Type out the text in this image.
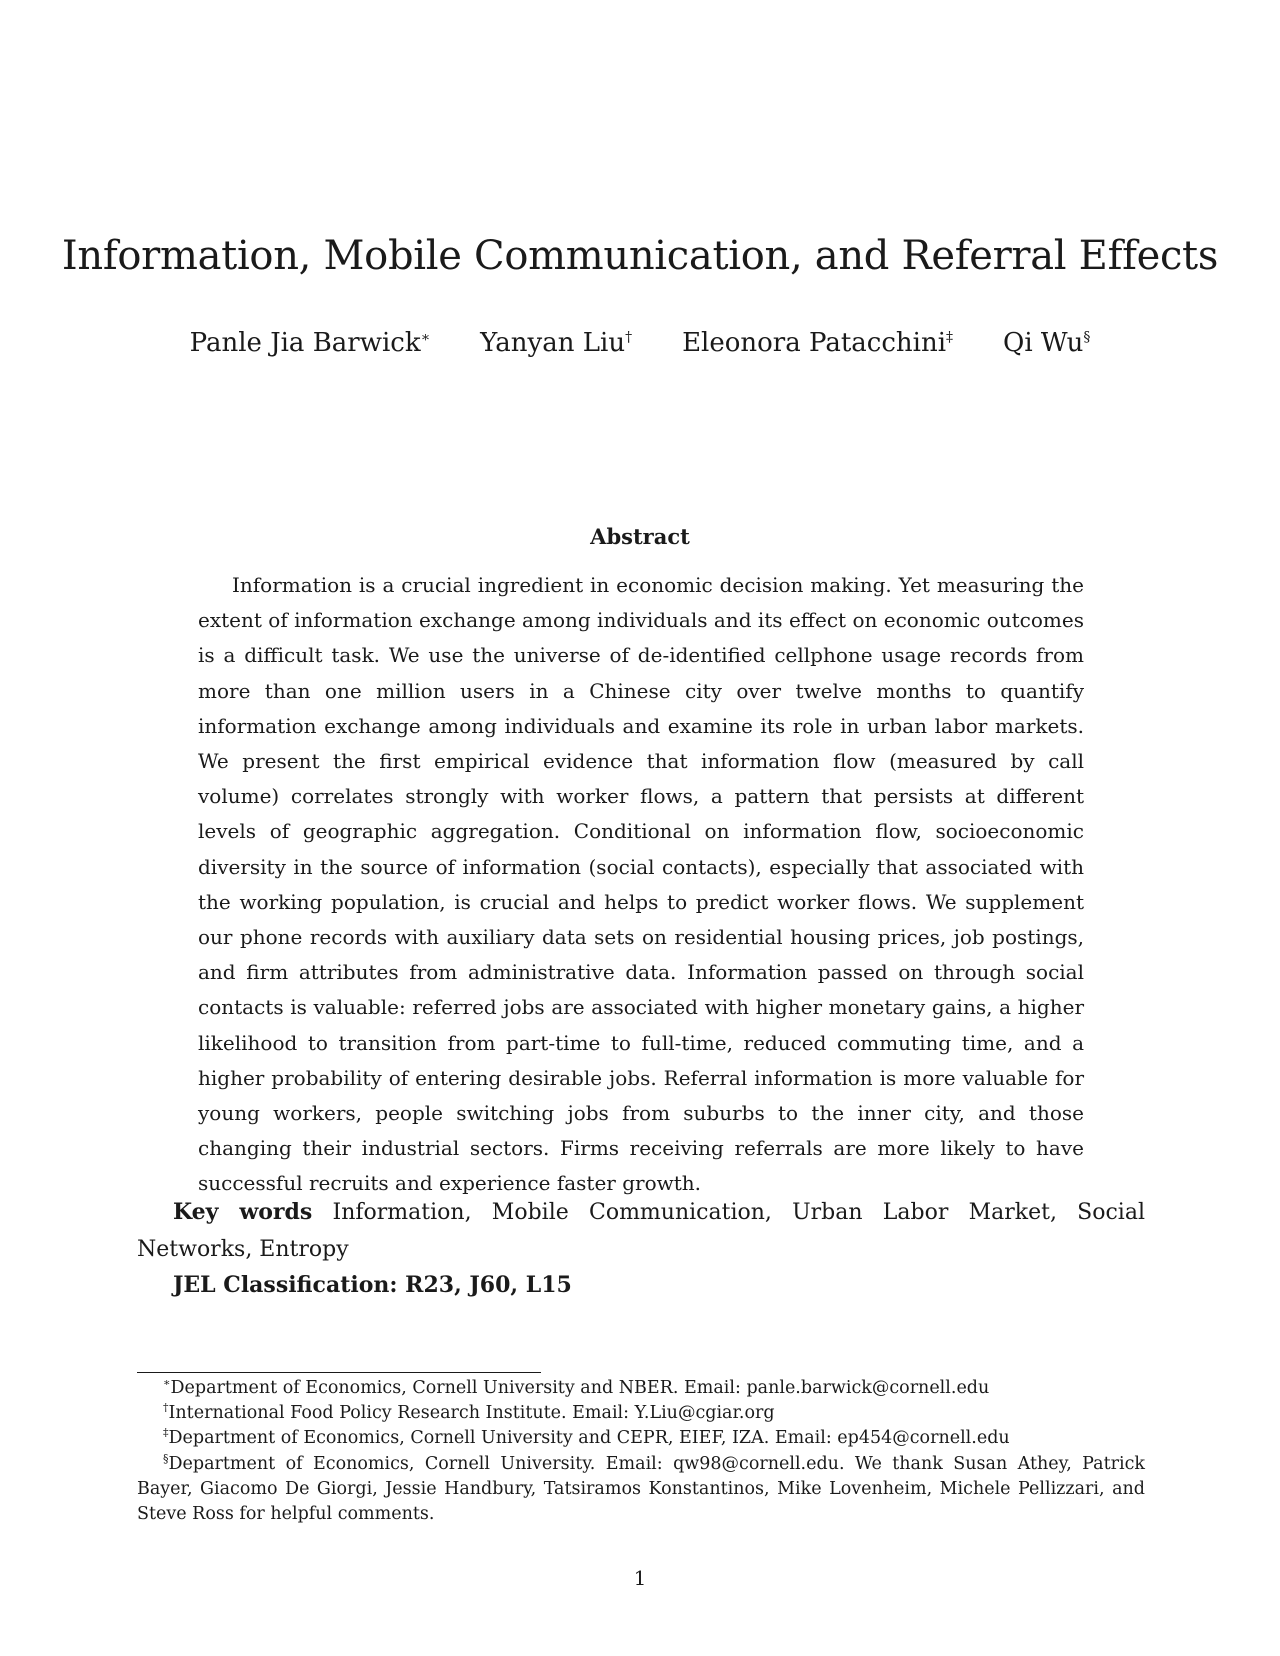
Information, Mobile Communication, and Referral Effects
Panle Jia Barwick∗ Yanyan Liu† Eleonora Patacchini‡ Qi Wu§
Abstract

Information is a crucial ingredient in economic decision making. Yet measuring the extent of information exchange among individuals and its effect on economic outcomes is a difficult task. We use the universe of de-identified cellphone usage records from more than one million users in a Chinese city over twelve months to quantify information exchange among individuals and examine its role in urban labor markets. We present the first empirical evidence that information flow (measured by call volume) correlates strongly with worker flows, a pattern that persists at different levels of geographic aggregation. Conditional on information flow, socioeconomic diversity in the source of information (social contacts), especially that associated with the working population, is crucial and helps to predict worker flows. We supplement our phone records with auxiliary data sets on residential housing prices, job postings, and firm attributes from administrative data. Information passed on through social contacts is valuable: referred jobs are associated with higher monetary gains, a higher likelihood to transition from part-time to full-time, reduced commuting time, and a higher probability of entering desirable jobs. Referral information is more valuable for young workers, people switching jobs from suburbs to the inner city, and those changing their industrial sectors. Firms receiving referrals are more likely to have successful recruits and experience faster growth.

Key words Information, Mobile Communication, Urban Labor Market, Social Networks, Entropy

JEL Classification: R23, J60, L15

∗Department of Economics, Cornell University and NBER. Email: panle.barwick@cornell.edu

†International Food Policy Research Institute. Email: Y.Liu@cgiar.org

‡Department of Economics, Cornell University and CEPR, EIEF, IZA. Email: ep454@cornell.edu

§Department of Economics, Cornell University. Email: qw98@cornell.edu. We thank Susan Athey, Patrick Bayer, Giacomo De Giorgi, Jessie Handbury, Tatsiramos Konstantinos, Mike Lovenheim, Michele Pellizzari, and Steve Ross for helpful comments.

1
